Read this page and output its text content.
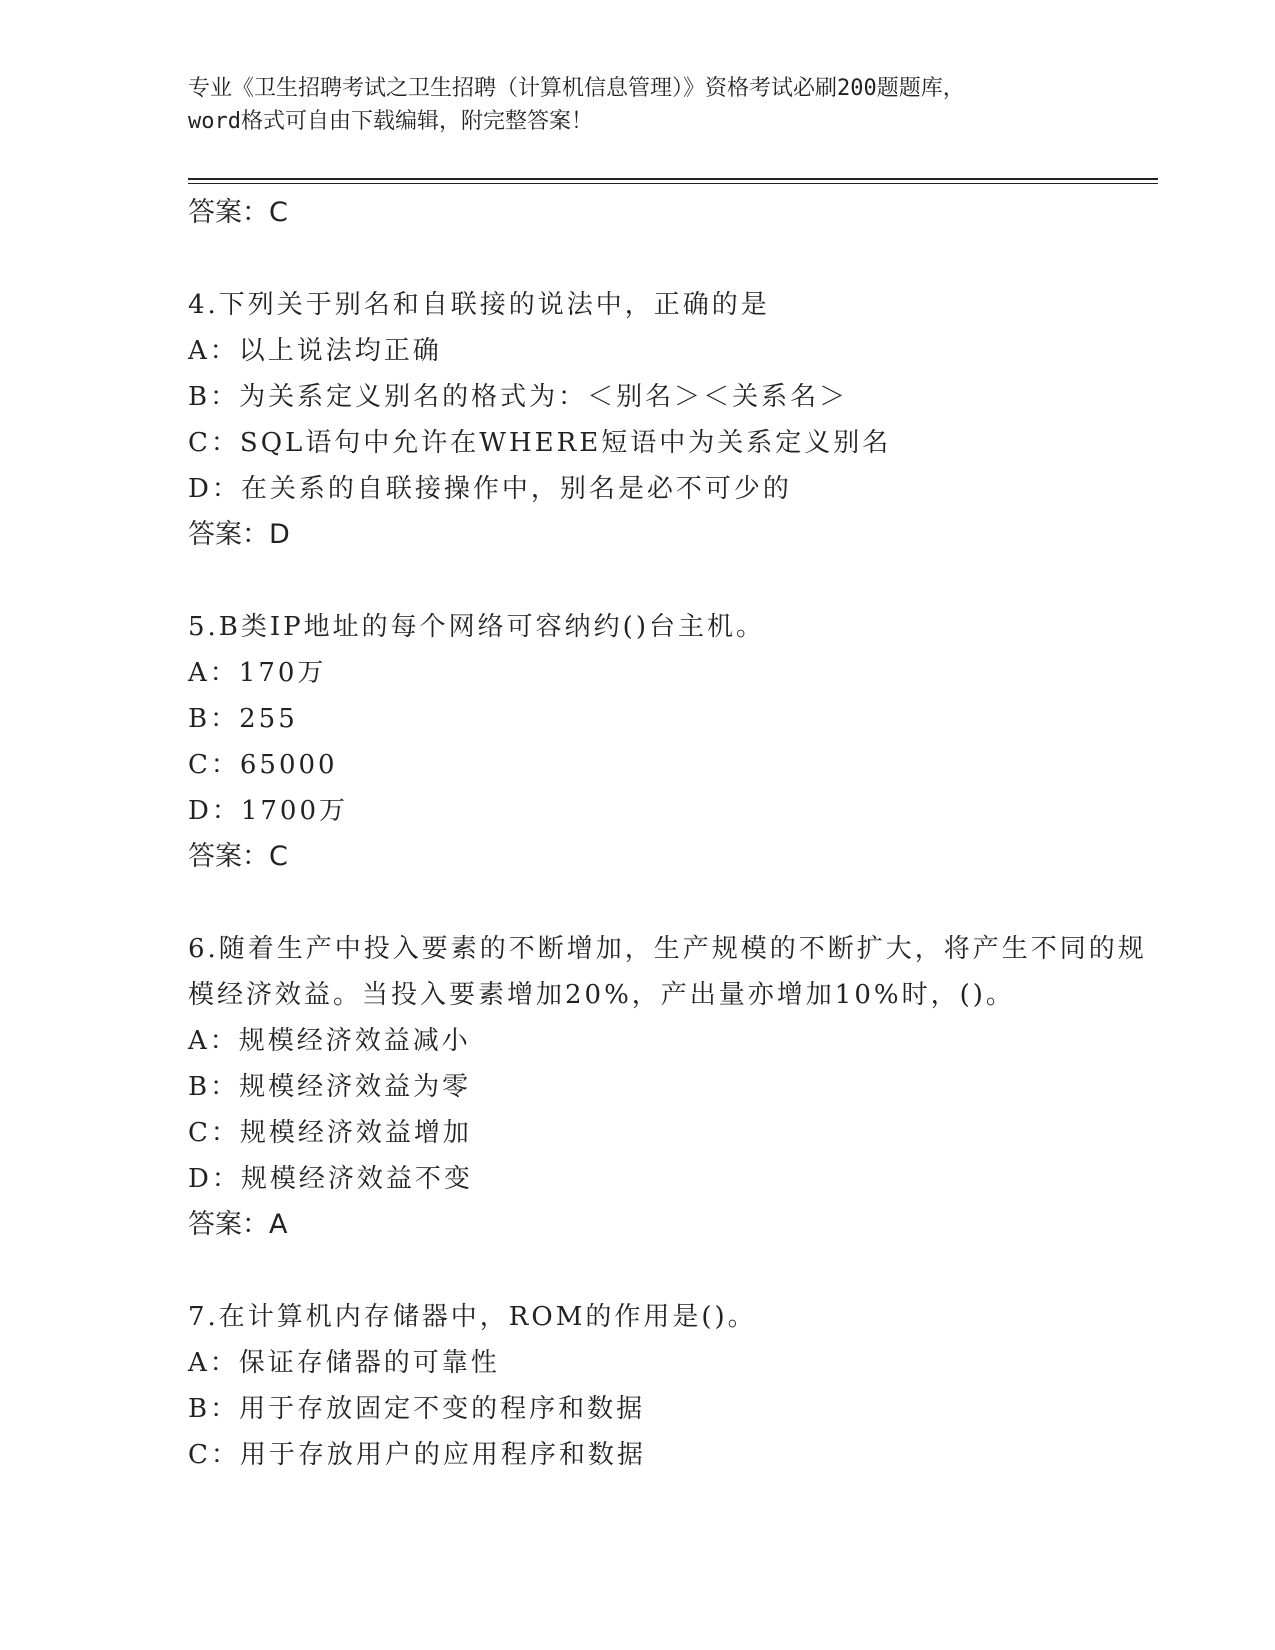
专业《卫生招聘考试之卫生招聘（计算机信息管理）》资格考试必刷200题题库，
word格式可自由下载编辑，附完整答案！
答案：C
4.下列关于别名和自联接的说法中，正确的是
A：以上说法均正确
B：为关系定义别名的格式为：＜别名＞＜关系名＞
C：SQL语句中允许在WHERE短语中为关系定义别名
D：在关系的自联接操作中，别名是必不可少的
答案：D
5.B类IP地址的每个网络可容纳约()台主机。
A：170万
B：255
C：65000
D：1700万
答案：C
6.随着生产中投入要素的不断增加，生产规模的不断扩大，将产生不同的规模经济效益。当投入要素增加20%，产出量亦增加10%时，()。
A：规模经济效益减小
B：规模经济效益为零
C：规模经济效益增加
D：规模经济效益不变
答案：A
7.在计算机内存储器中，ROM的作用是()。
A：保证存储器的可靠性
B：用于存放固定不变的程序和数据
C：用于存放用户的应用程序和数据
